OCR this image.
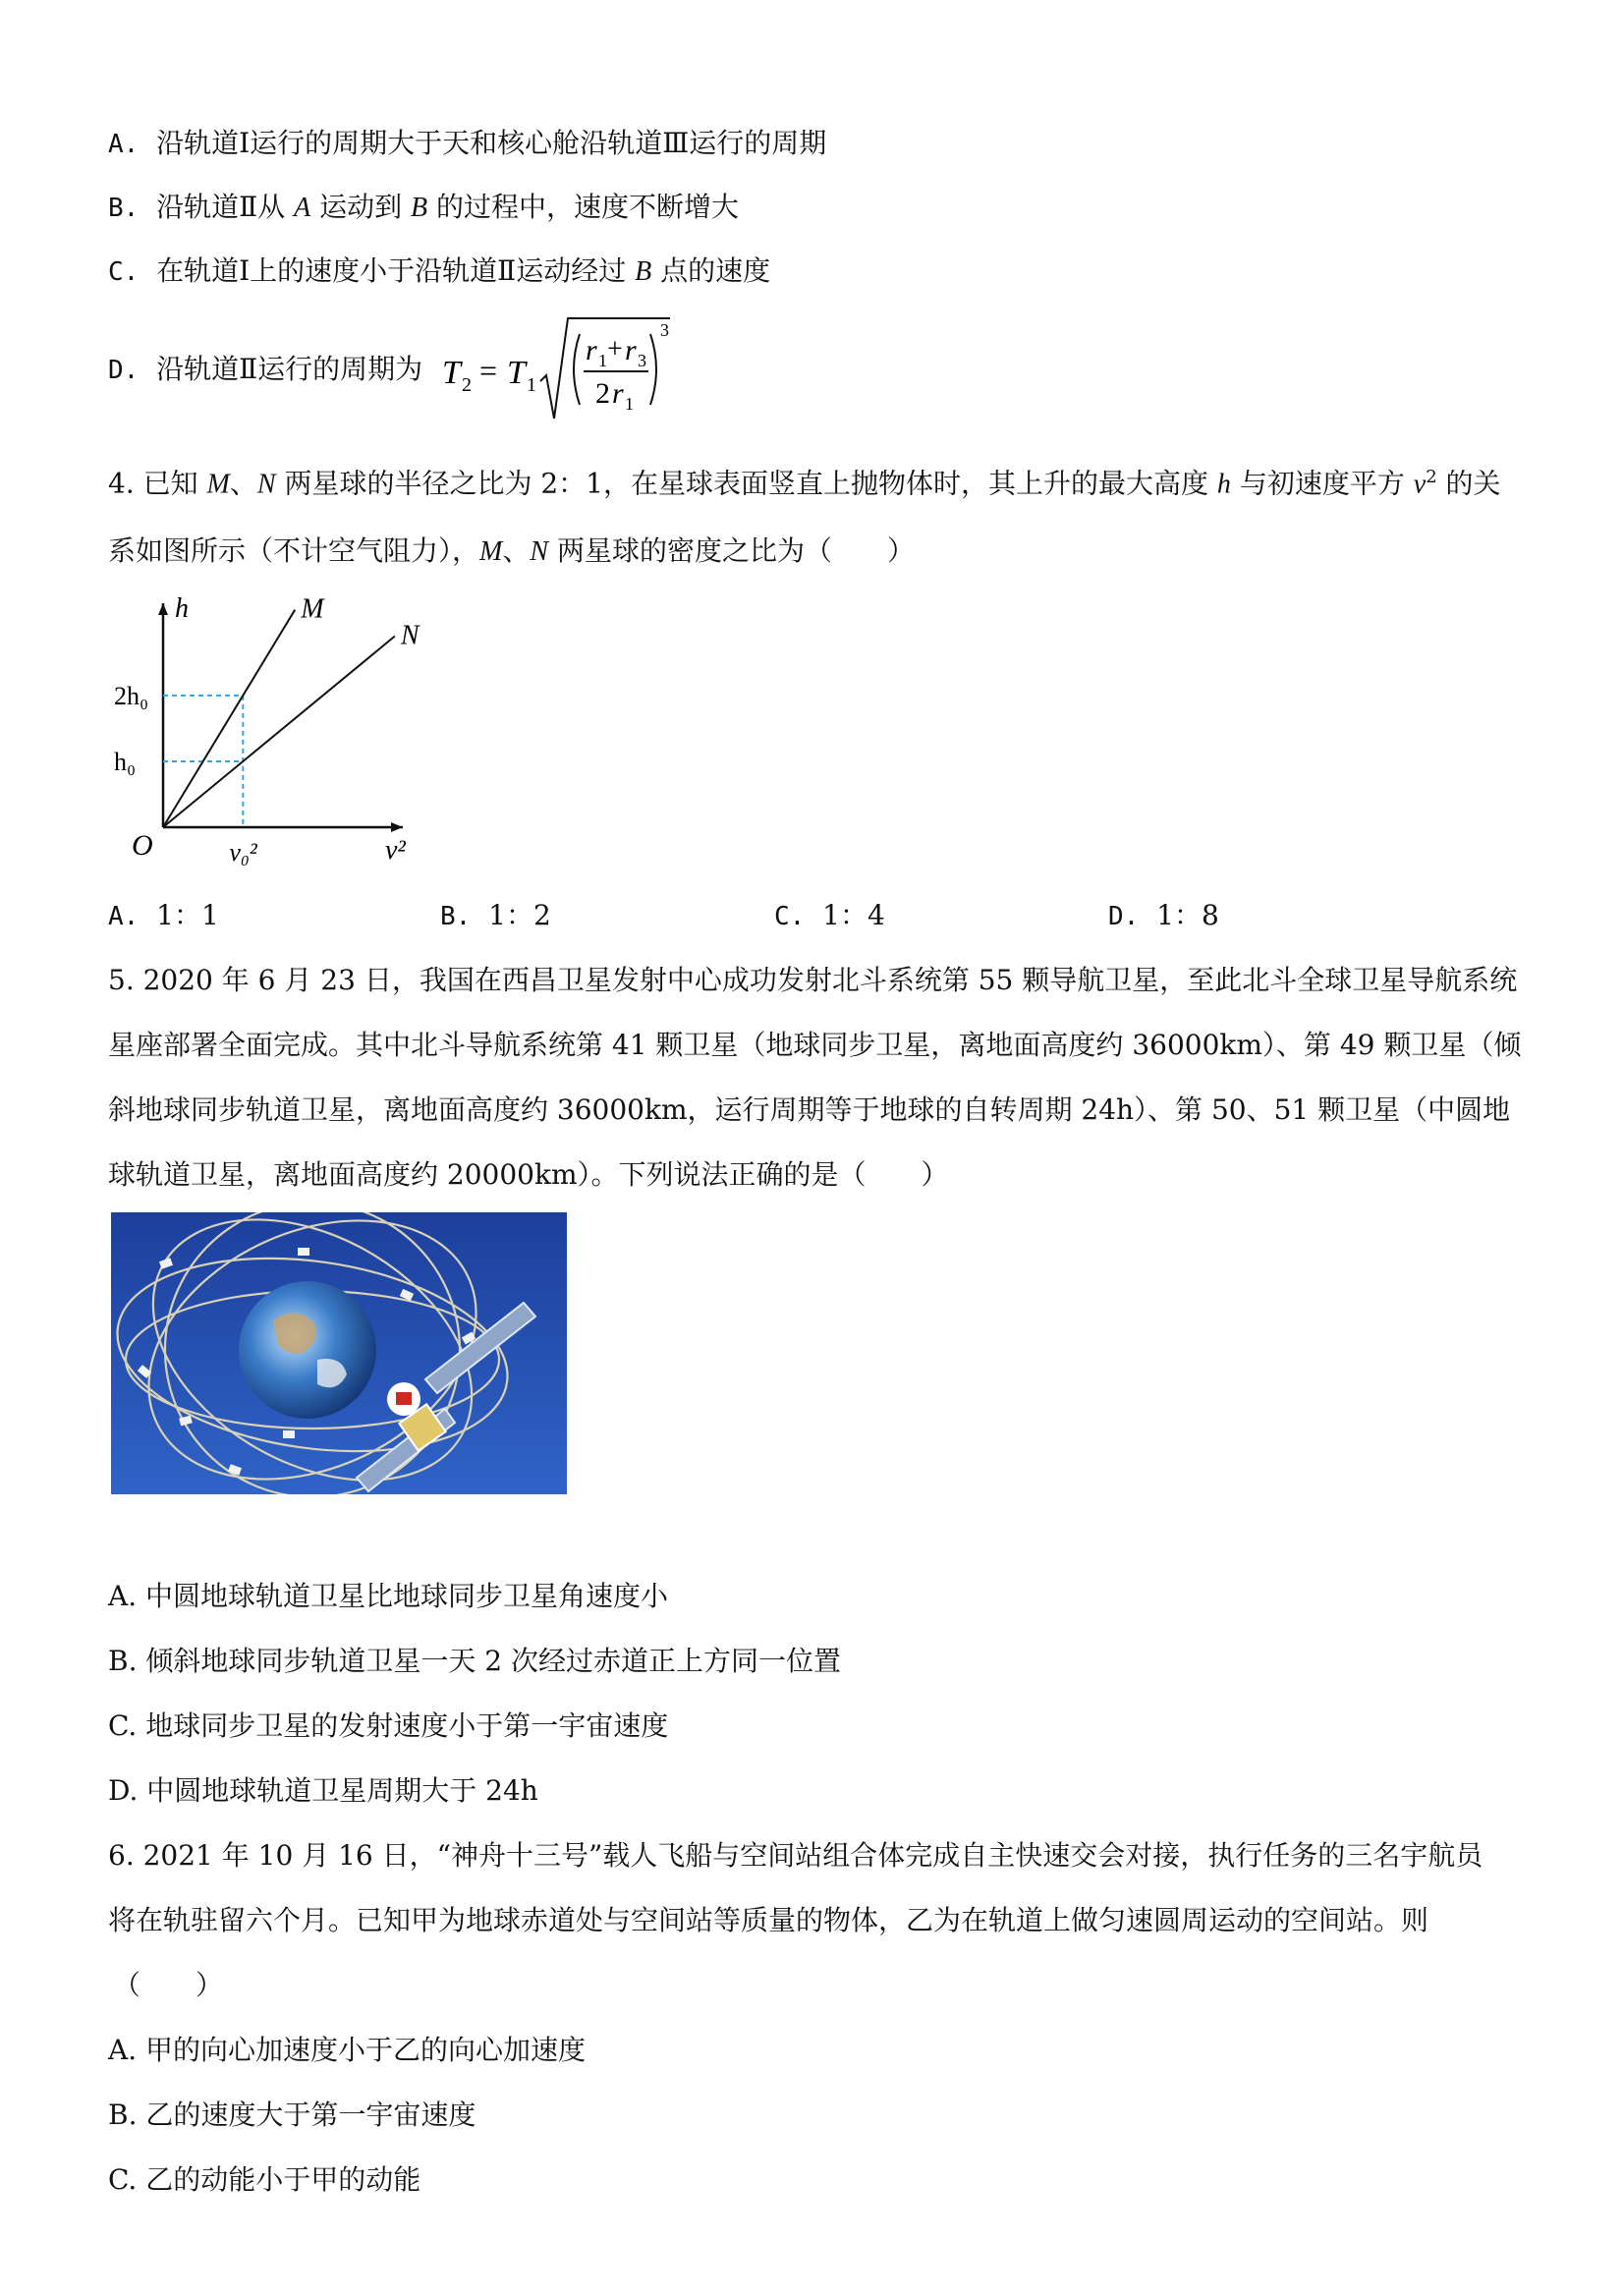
A. 沿轨道Ⅰ运行的周期大于天和核心舱沿轨道Ⅲ运行的周期
B. 沿轨道Ⅱ从 A 运动到 B 的过程中，速度不断增大
C. 在轨道Ⅰ上的速度小于沿轨道Ⅱ运动经过 B 点的速度
D. 沿轨道Ⅱ运行的周期为 T 2 = T 1
r 1 + r 3
2 r 1
3
4. 已知 M、N 两星球的半径之比为 2：1，在星球表面竖直上抛物体时，其上升的最大高度 h 与初速度平方 $v^2$ 的关
系如图所示（不计空气阻力），M、N 两星球的密度之比为（　　）
2h₀
h₀
v₀²
M
N
O	v²
h
A. 1：1	B. 1：2	C. 1：4	D. 1：8
5. 2020 年 6 月 23 日，我国在西昌卫星发射中心成功发射北斗系统第 55 颗导航卫星，至此北斗全球卫星导航系统
星座部署全面完成。其中北斗导航系统第 41 颗卫星（地球同步卫星，离地面高度约 36000km）、第 49 颗卫星（倾
斜地球同步轨道卫星，离地面高度约 36000km，运行周期等于地球的自转周期 24h）、第 50、51 颗卫星（中圆地
球轨道卫星，离地面高度约 20000km）。下列说法正确的是（　　）
A. 中圆地球轨道卫星比地球同步卫星角速度小
B. 倾斜地球同步轨道卫星一天 2 次经过赤道正上方同一位置
C. 地球同步卫星的发射速度小于第一宇宙速度
D. 中圆地球轨道卫星周期大于 24h
6. 2021 年 10 月 16 日，“神舟十三号”载人飞船与空间站组合体完成自主快速交会对接，执行任务的三名宇航员
将在轨驻留六个月。已知甲为地球赤道处与空间站等质量的物体，乙为在轨道上做匀速圆周运动的空间站。则
（　　）
A. 甲的向心加速度小于乙的向心加速度
B. 乙的速度大于第一宇宙速度
C. 乙的动能小于甲的动能
